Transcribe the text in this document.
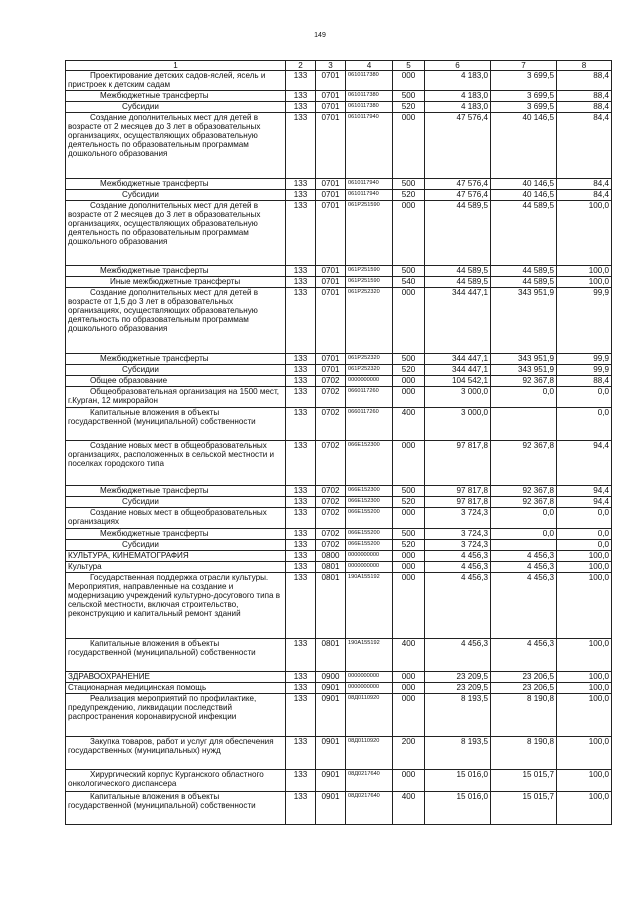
149
1	2	3	4	5	6	7	8
Проектирование детских садов-яслей, ясель и пристроек к детским садам	133	0701	0610117380	000	4 183,0	3 699,5	88,4
Межбюджетные трансферты	133	0701	0610117380	500	4 183,0	3 699,5	88,4
Субсидии	133	0701	0610117380	520	4 183,0	3 699,5	88,4
Создание дополнительных мест для детей в возрасте от 2 месяцев до 3 лет в образовательных организациях, осуществляющих образовательную деятельность по образовательным программам дошкольного образования	133	0701	0610117940	000	47 576,4	40 146,5	84,4
Межбюджетные трансферты	133	0701	0610117940	500	47 576,4	40 146,5	84,4
Субсидии	133	0701	0610117940	520	47 576,4	40 146,5	84,4
Создание дополнительных мест для детей в возрасте от 2 месяцев до 3 лет в образовательных организациях, осуществляющих образовательную деятельность по образовательным программам дошкольного образования	133	0701	061P251590	000	44 589,5	44 589,5	100,0
Межбюджетные трансферты	133	0701	061P251590	500	44 589,5	44 589,5	100,0
Иные межбюджетные трансферты	133	0701	061P251590	540	44 589,5	44 589,5	100,0
Создание дополнительных мест для детей в возрасте от 1,5 до 3 лет в образовательных организациях, осуществляющих образовательную деятельность по образовательным программам дошкольного образования	133	0701	061P252320	000	344 447,1	343 951,9	99,9
Межбюджетные трансферты	133	0701	061P252320	500	344 447,1	343 951,9	99,9
Субсидии	133	0701	061P252320	520	344 447,1	343 951,9	99,9
Общее образование	133	0702	0000000000	000	104 542,1	92 367,8	88,4
Общеобразовательная организация на 1500 мест, г.Курган, 12 микрорайон	133	0702	0660117260	000	3 000,0	0,0	0,0
Капитальные вложения в объекты государственной (муниципальной) собственности	133	0702	0660117260	400	3 000,0		0,0
Создание новых мест в общеобразовательных организациях, расположенных в сельской местности и поселках городского типа	133	0702	066E152300	000	97 817,8	92 367,8	94,4
Межбюджетные трансферты	133	0702	066E152300	500	97 817,8	92 367,8	94,4
Субсидии	133	0702	066E152300	520	97 817,8	92 367,8	94,4
Создание новых мест в общеобразовательных организациях	133	0702	066E155200	000	3 724,3	0,0	0,0
Межбюджетные трансферты	133	0702	066E155200	500	3 724,3	0,0	0,0
Субсидии	133	0702	066E155200	520	3 724,3		0,0
КУЛЬТУРА, КИНЕМАТОГРАФИЯ	133	0800	0000000000	000	4 456,3	4 456,3	100,0
Культура	133	0801	0000000000	000	4 456,3	4 456,3	100,0
Государственная поддержка отрасли культуры. Мероприятия, направленные на создание и модернизацию учреждений культурно-досугового типа в сельской местности, включая строительство, реконструкцию и капитальный ремонт зданий	133	0801	190A155192	000	4 456,3	4 456,3	100,0
Капитальные вложения в объекты государственной (муниципальной) собственности	133	0801	190A155192	400	4 456,3	4 456,3	100,0
ЗДРАВООХРАНЕНИЕ	133	0900	0000000000	000	23 209,5	23 206,5	100,0
Стационарная медицинская помощь	133	0901	0000000000	000	23 209,5	23 206,5	100,0
Реализация мероприятий по профилактике, предупреждению, ликвидации последствий распространения коронавирусной инфекции	133	0901	08Д0110920	000	8 193,5	8 190,8	100,0
Закупка товаров, работ и услуг для обеспечения государственных (муниципальных) нужд	133	0901	08Д0110920	200	8 193,5	8 190,8	100,0
Хирургический корпус Курганского областного онкологического диспансера	133	0901	08Д0217640	000	15 016,0	15 015,7	100,0
Капитальные вложения в объекты государственной (муниципальной) собственности	133	0901	08Д0217640	400	15 016,0	15 015,7	100,0
